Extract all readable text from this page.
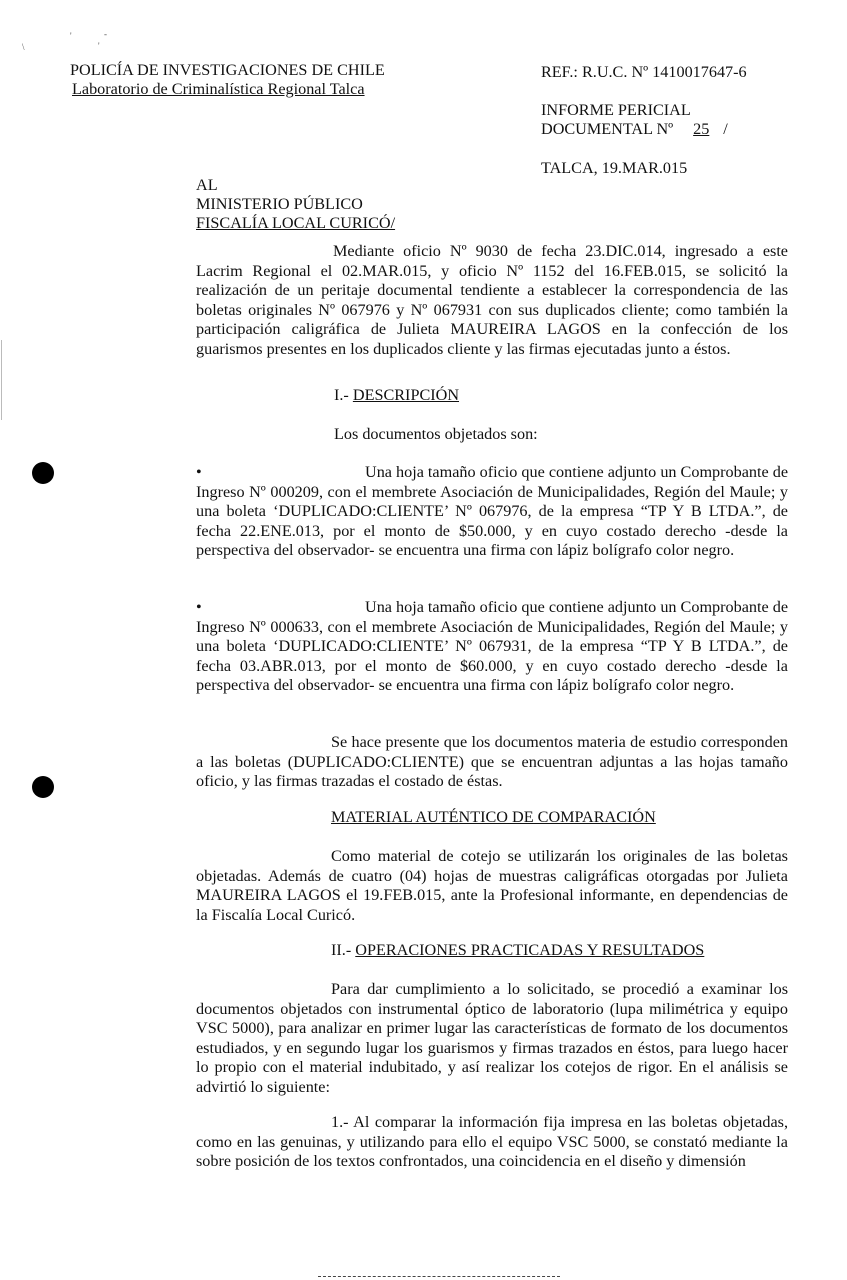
\
'
'
-
POLICÍA DE INVESTIGACIONES DE CHILE
Laboratorio de Criminalística Regional Talca
REF.: R.U.C. Nº 1410017647-6
INFORME PERICIAL
DOCUMENTAL Nº 25 /
TALCA, 19.MAR.015
AL
MINISTERIO PÚBLICO
FISCALÍA LOCAL CURICÓ/
Mediante oficio Nº 9030 de fecha 23.DIC.014, ingresado a este Lacrim Regional el 02.MAR.015, y oficio Nº 1152 del 16.FEB.015, se solicitó la realización de un peritaje documental tendiente a establecer la correspondencia de las boletas originales Nº 067976 y Nº 067931 con sus duplicados cliente; como también la participación caligráfica de Julieta MAUREIRA LAGOS en la confección de los guarismos presentes en los duplicados cliente y las firmas ejecutadas junto a éstos.
I.- DESCRIPCIÓN
Los documentos objetados son:
•	Una hoja tamaño oficio que contiene adjunto un Comprobante de Ingreso Nº 000209, con el membrete Asociación de Municipalidades, Región del Maule; y una boleta ‘DUPLICADO:CLIENTE’ Nº 067976, de la empresa “TP Y B LTDA.”, de fecha 22.ENE.013, por el monto de $50.000, y en cuyo costado derecho -desde la perspectiva del observador- se encuentra una firma con lápiz bolígrafo color negro.
•	Una hoja tamaño oficio que contiene adjunto un Comprobante de Ingreso Nº 000633, con el membrete Asociación de Municipalidades, Región del Maule; y una boleta ‘DUPLICADO:CLIENTE’ Nº 067931, de la empresa “TP Y B LTDA.”, de fecha 03.ABR.013, por el monto de $60.000, y en cuyo costado derecho -desde la perspectiva del observador- se encuentra una firma con lápiz bolígrafo color negro.
Se hace presente que los documentos materia de estudio corresponden a las boletas (DUPLICADO:CLIENTE) que se encuentran adjuntas a las hojas tamaño oficio, y las firmas trazadas el costado de éstas.
MATERIAL AUTÉNTICO DE COMPARACIÓN
Como material de cotejo se utilizarán los originales de las boletas objetadas. Además de cuatro (04) hojas de muestras caligráficas otorgadas por Julieta MAUREIRA LAGOS el 19.FEB.015, ante la Profesional informante, en dependencias de la Fiscalía Local Curicó.
II.- OPERACIONES PRACTICADAS Y RESULTADOS
Para dar cumplimiento a lo solicitado, se procedió a examinar los documentos objetados con instrumental óptico de laboratorio (lupa milimétrica y equipo VSC 5000), para analizar en primer lugar las características de formato de los documentos estudiados, y en segundo lugar los guarismos y firmas trazados en éstos, para luego hacer lo propio con el material indubitado, y así realizar los cotejos de rigor. En el análisis se advirtió lo siguiente:
1.- Al comparar la información fija impresa en las boletas objetadas, como en las genuinas, y utilizando para ello el equipo VSC 5000, se constató mediante la sobre posición de los textos confrontados, una coincidencia en el diseño y dimensión
